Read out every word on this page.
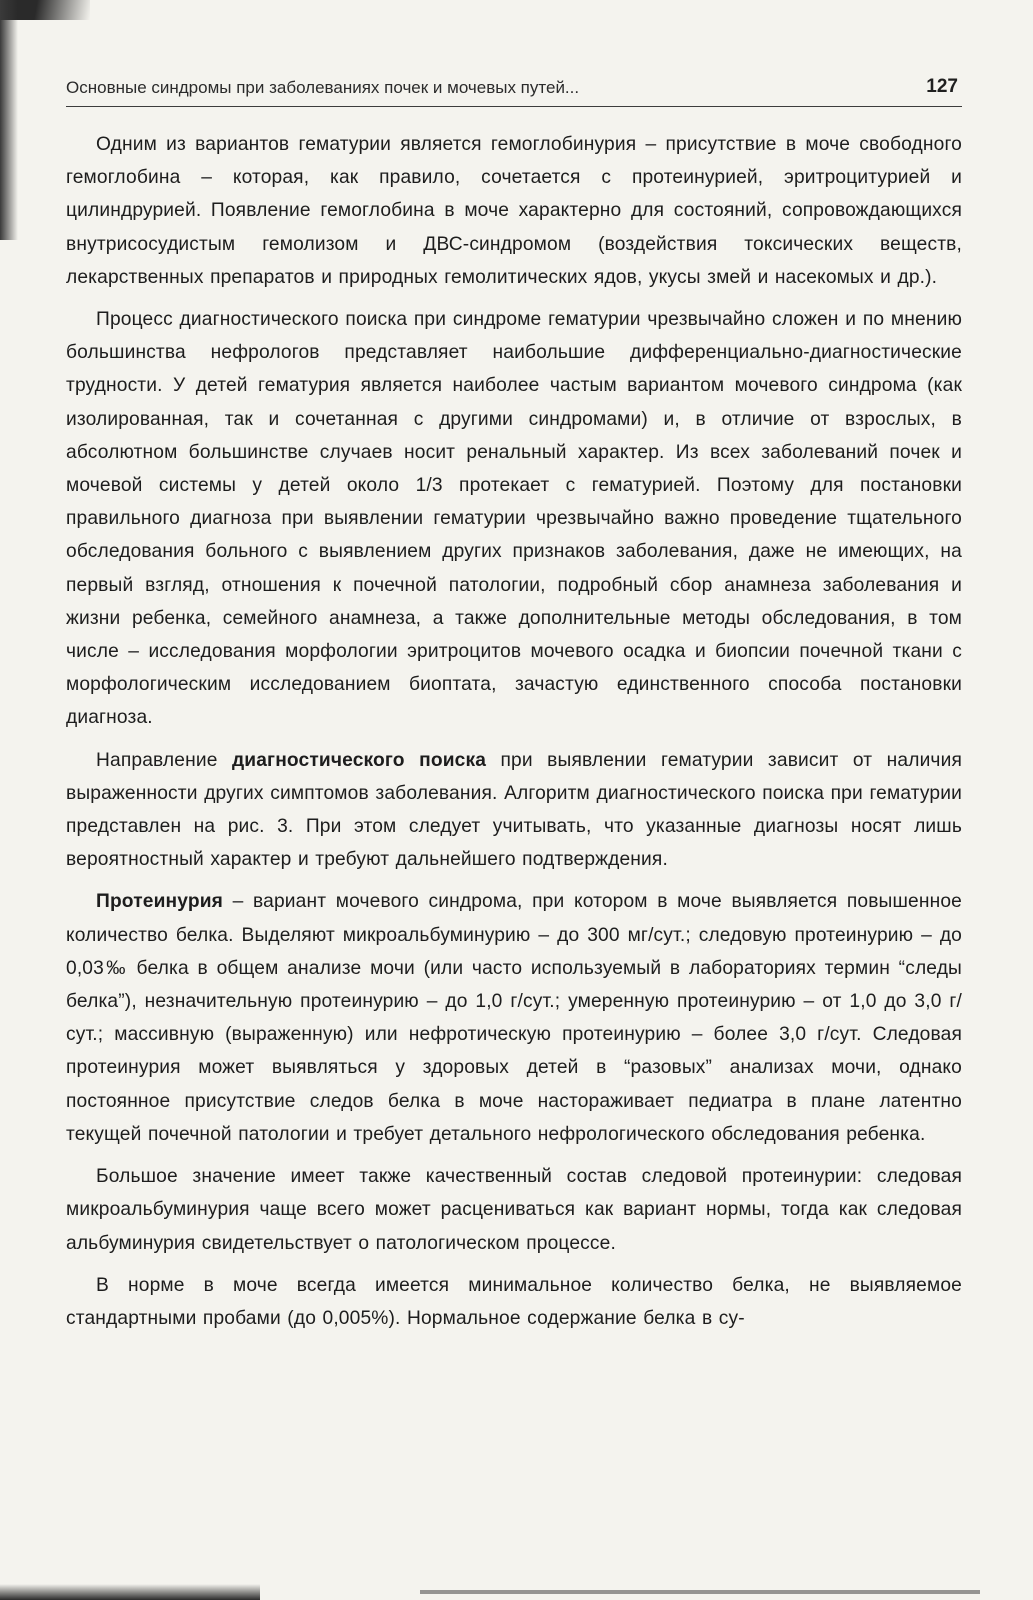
Основные синдромы при заболеваниях почек и мочевых путей...	127

Одним из вариантов гематурии является гемоглобинурия – присутствие в моче свободного гемоглобина – которая, как правило, сочетается с протеинурией, эритроцитурией и цилиндрурией. Появление гемоглобина в моче характерно для состояний, сопровождающихся внутрисосудистым гемолизом и ДВС-синдромом (воздействия токсических веществ, лекарственных препаратов и природных гемолитических ядов, укусы змей и насекомых и др.).

Процесс диагностического поиска при синдроме гематурии чрезвычайно сложен и по мнению большинства нефрологов представляет наибольшие дифференциально-диагностические трудности. У детей гематурия является наиболее частым вариантом мочевого синдрома (как изолированная, так и сочетанная с другими синдромами) и, в отличие от взрослых, в абсолютном большинстве случаев носит ренальный характер. Из всех заболеваний почек и мочевой системы у детей около 1/3 протекает с гематурией. Поэтому для постановки правильного диагноза при выявлении гематурии чрезвычайно важно проведение тщательного обследования больного с выявлением других признаков заболевания, даже не имеющих, на первый взгляд, отношения к почечной патологии, подробный сбор анамнеза заболевания и жизни ребенка, семейного анамнеза, а также дополнительные методы обследования, в том числе – исследования морфологии эритроцитов мочевого осадка и биопсии почечной ткани с морфологическим исследованием биоптата, зачастую единственного способа постановки диагноза.

Направление диагностического поиска при выявлении гематурии зависит от наличия выраженности других симптомов заболевания. Алгоритм диагностического поиска при гематурии представлен на рис. 3. При этом следует учитывать, что указанные диагнозы носят лишь вероятностный характер и требуют дальнейшего подтверждения.

Протеинурия – вариант мочевого синдрома, при котором в моче выявляется повышенное количество белка. Выделяют микроальбуминурию – до 300 мг/сут.; следовую протеинурию – до 0,03‰ белка в общем анализе мочи (или часто используемый в лабораториях термин “следы белка”), незначительную протеинурию – до 1,0 г/сут.; умеренную протеинурию – от 1,0 до 3,0 г/сут.; массивную (выраженную) или нефротическую протеинурию – более 3,0 г/сут. Следовая протеинурия может выявляться у здоровых детей в “разовых” анализах мочи, однако постоянное присутствие следов белка в моче настораживает педиатра в плане латентно текущей почечной патологии и требует детального нефрологического обследования ребенка.

Большое значение имеет также качественный состав следовой протеинурии: следовая микроальбуминурия чаще всего может расцениваться как вариант нормы, тогда как следовая альбуминурия свидетельствует о патологическом процессе.

В норме в моче всегда имеется минимальное количество белка, не выявляемое стандартными пробами (до 0,005%). Нормальное содержание белка в су-
